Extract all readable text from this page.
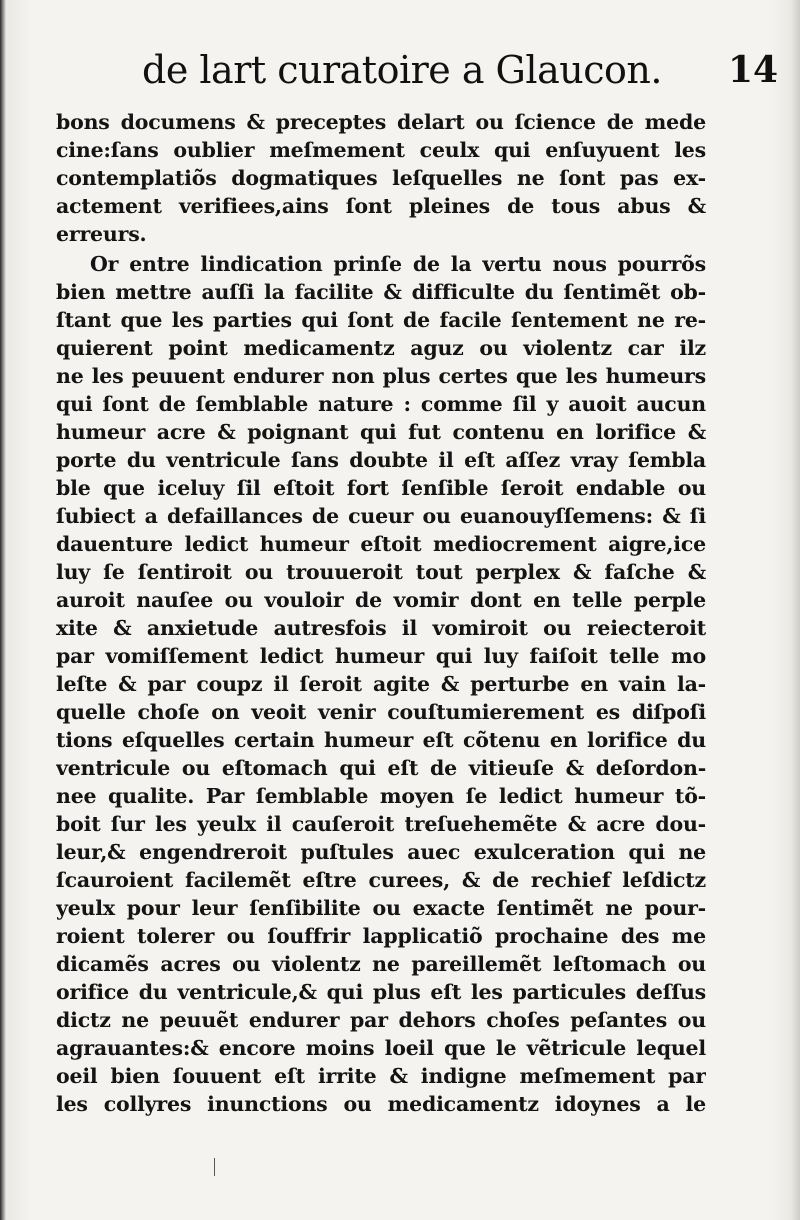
de lart curatoire a Glaucon. 14
bons documens & preceptes delart ou ſcience de mede
cine:ſans oublier meſmement ceulx qui enſuyuent les
contemplatiõs dogmatiques leſquelles ne ſont pas ex-
actement verifiees,ains ſont pleines de tous abus &
erreurs.
Or entre lindication prinſe de la vertu nous pourrõs
bien mettre auſſi la facilite & difficulte du ſentimẽt ob-
ſtant que les parties qui ſont de facile ſentement ne re-
quierent point medicamentz aguz ou violentz car ilz
ne les peuuent endurer non plus certes que les humeurs
qui ſont de ſemblable nature : comme ſil y auoit aucun
humeur acre & poignant qui fut contenu en lorifice &
porte du ventricule ſans doubte il eſt aſſez vray ſembla
ble que iceluy ſil eſtoit fort ſenſible ſeroit endable ou
ſubiect a defaillances de cueur ou euanouyſſemens: & ſi
dauenture ledict humeur eſtoit mediocrement aigre,ice
luy ſe ſentiroit ou trouueroit tout perplex & faſche &
auroit nauſee ou vouloir de vomir dont en telle perple
xite & anxietude autresfois il vomiroit ou reiecteroit
par vomiſſement ledict humeur qui luy faiſoit telle mo
leſte & par coupz il ſeroit agite & perturbe en vain la-
quelle choſe on veoit venir couſtumierement es diſpoſi
tions eſquelles certain humeur eſt cõtenu en lorifice du
ventricule ou eſtomach qui eſt de vitieuſe & deſordon-
nee qualite. Par ſemblable moyen ſe ledict humeur tõ-
boit ſur les yeulx il cauſeroit treſuehemẽte & acre dou-
leur,& engendreroit puſtules auec exulceration qui ne
ſcauroient facilemẽt eſtre curees, & de rechief leſdictz
yeulx pour leur ſenſibilite ou exacte ſentimẽt ne pour-
roient tolerer ou ſouffrir lapplicatiõ prochaine des me
dicamẽs acres ou violentz ne pareillemẽt leſtomach ou
orifice du ventricule,& qui plus eſt les particules deſſus
dictz ne peuuẽt endurer par dehors choſes peſantes ou
agrauantes:& encore moins loeil que le vẽtricule lequel
oeil bien ſouuent eſt irrite & indigne meſmement par
les collyres inunctions ou medicamentz idoynes a le
